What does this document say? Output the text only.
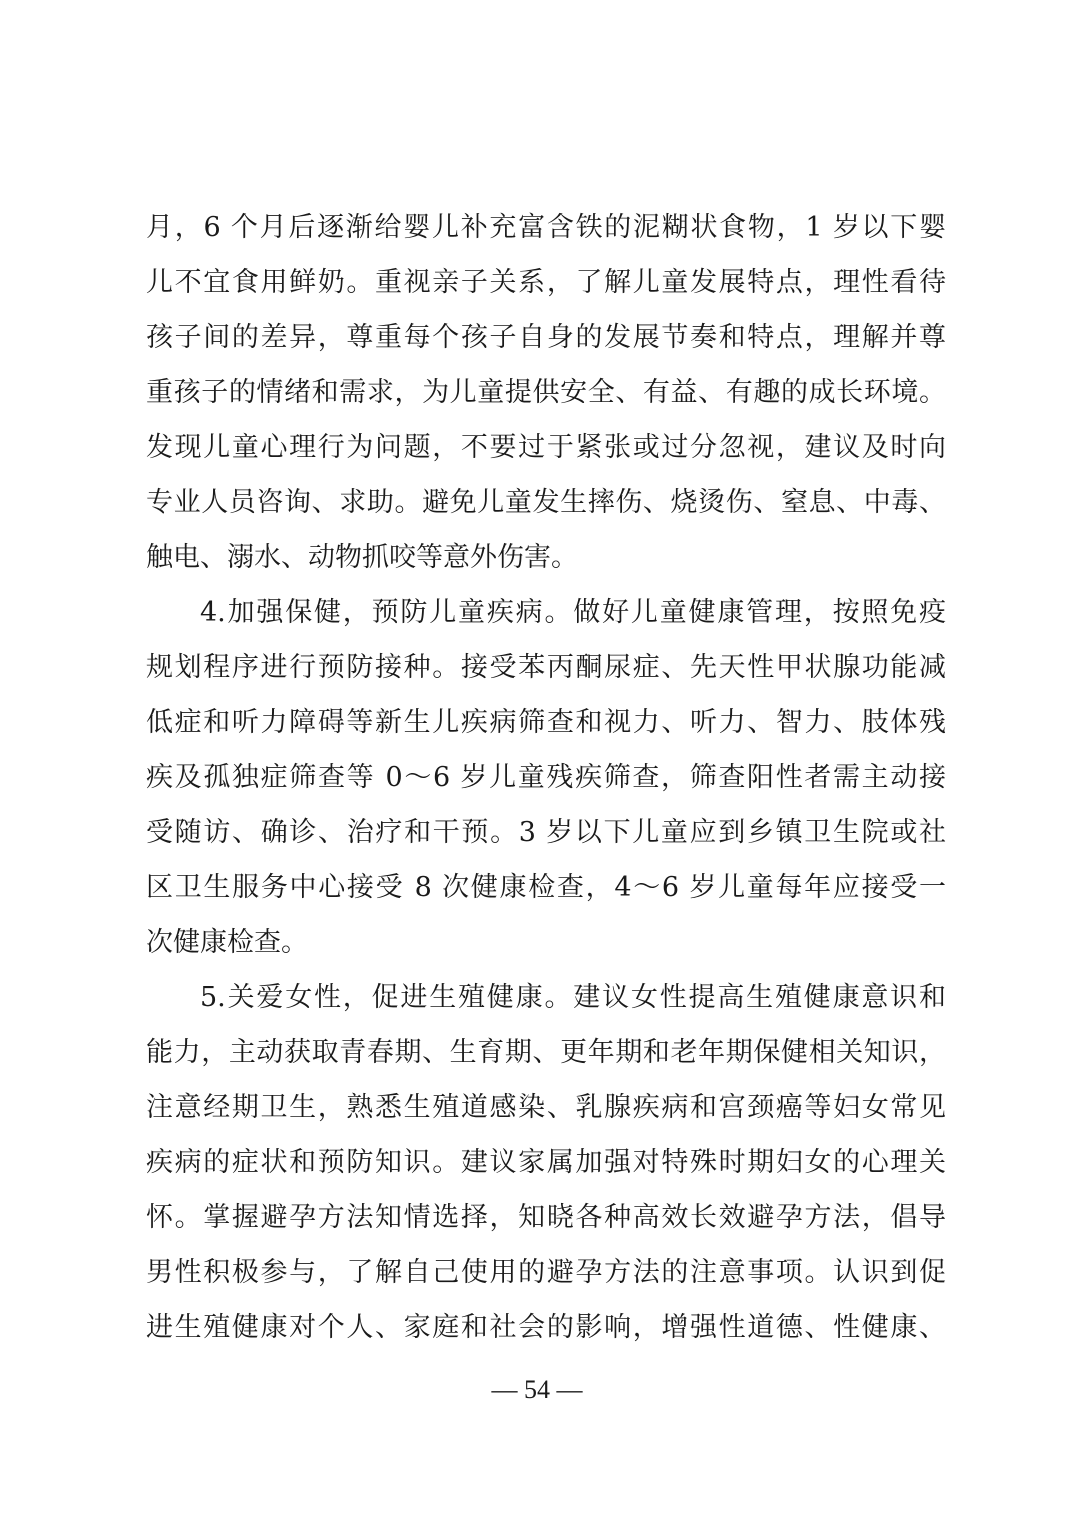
月，6 个月后逐渐给婴儿补充富含铁的泥糊状食物，1 岁以下婴
儿不宜食用鲜奶。重视亲子关系，了解儿童发展特点，理性看待
孩子间的差异，尊重每个孩子自身的发展节奏和特点，理解并尊
重孩子的情绪和需求，为儿童提供安全、有益、有趣的成长环境。
发现儿童心理行为问题，不要过于紧张或过分忽视，建议及时向
专业人员咨询、求助。避免儿童发生摔伤、烧烫伤、窒息、中毒、
触电、溺水、动物抓咬等意外伤害。
4.加强保健，预防儿童疾病。做好儿童健康管理，按照免疫
规划程序进行预防接种。接受苯丙酮尿症、先天性甲状腺功能减
低症和听力障碍等新生儿疾病筛查和视力、听力、智力、肢体残
疾及孤独症筛查等 0～6 岁儿童残疾筛查，筛查阳性者需主动接
受随访、确诊、治疗和干预。3 岁以下儿童应到乡镇卫生院或社
区卫生服务中心接受 8 次健康检查，4～6 岁儿童每年应接受一
次健康检查。
5.关爱女性，促进生殖健康。建议女性提高生殖健康意识和
能力，主动获取青春期、生育期、更年期和老年期保健相关知识，
注意经期卫生，熟悉生殖道感染、乳腺疾病和宫颈癌等妇女常见
疾病的症状和预防知识。建议家属加强对特殊时期妇女的心理关
怀。掌握避孕方法知情选择，知晓各种高效长效避孕方法，倡导
男性积极参与，了解自己使用的避孕方法的注意事项。认识到促
进生殖健康对个人、家庭和社会的影响，增强性道德、性健康、
— 54 —
